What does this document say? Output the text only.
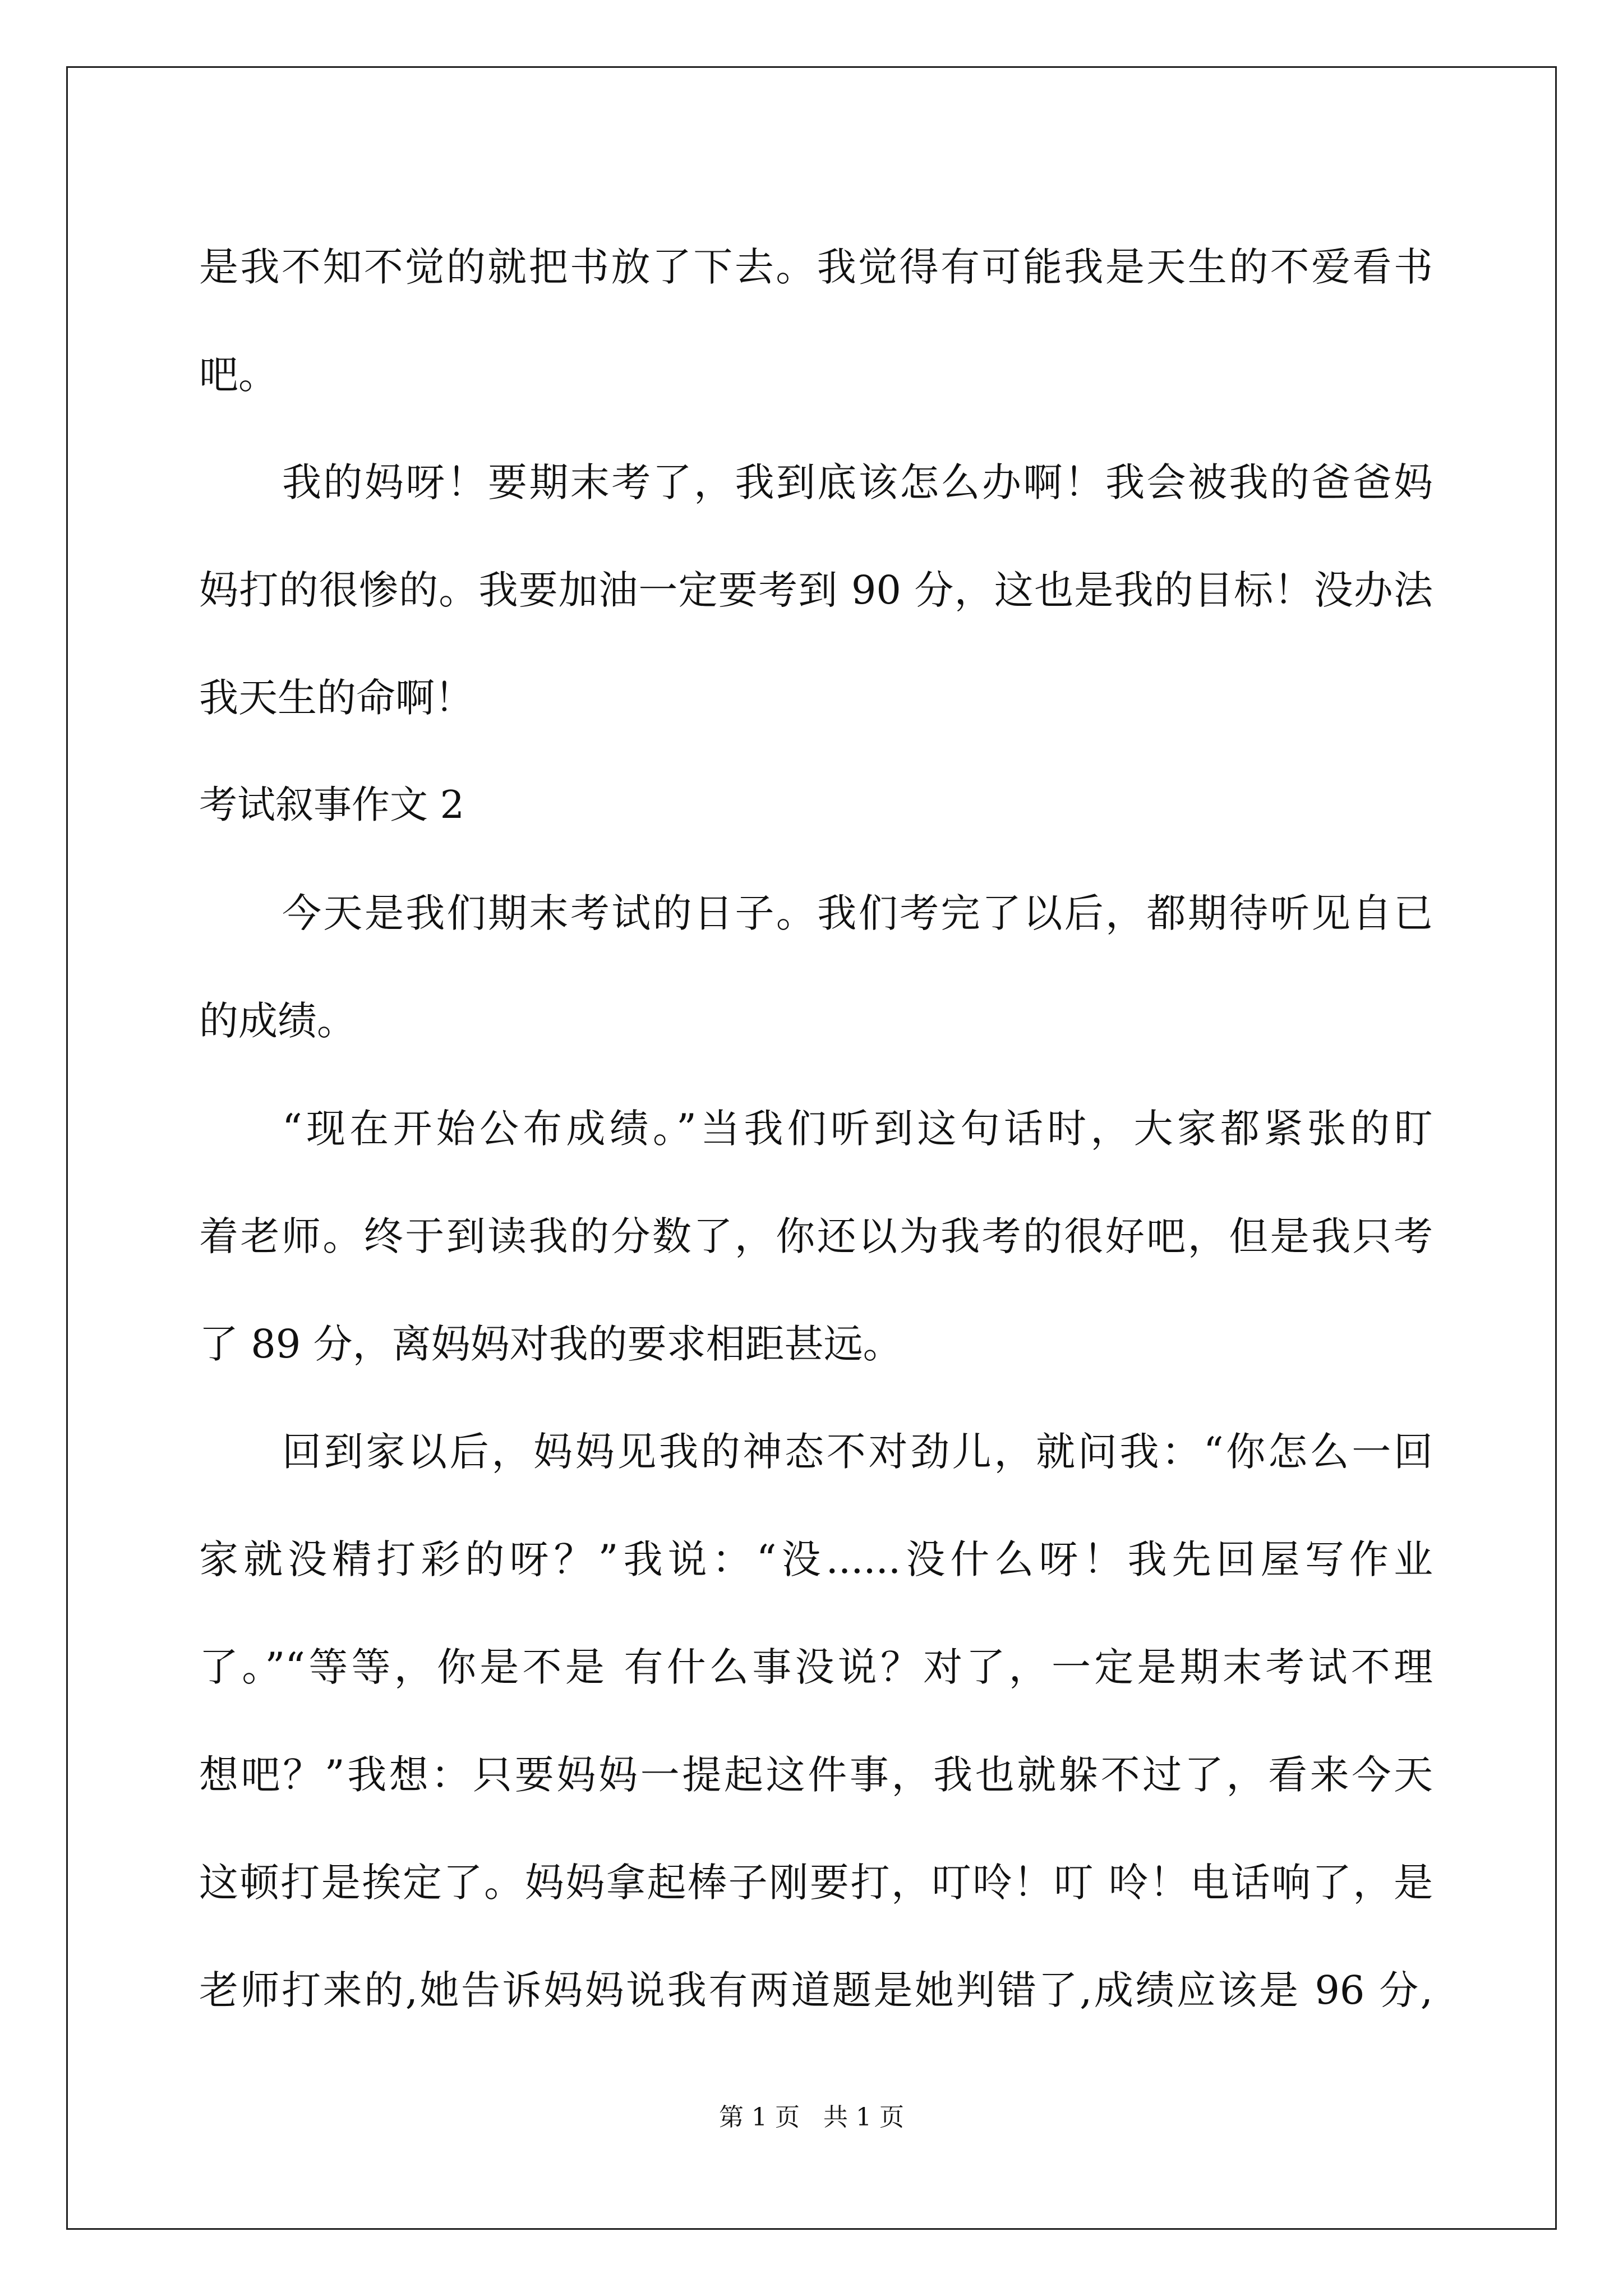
是我不知不觉的就把书放了下去。我觉得有可能我是天生的不爱看书
吧。
我的妈呀！要期末考了，我到底该怎么办啊！我会被我的爸爸妈
妈打的很惨的。我要加油一定要考到 90 分，这也是我的目标！没办法
我天生的命啊！
考试叙事作文 2
今天是我们期末考试的日子。我们考完了以后，都期待听见自已
的成绩。
“现在开始公布成绩。”当我们听到这句话时，大家都紧张的盯
着老师。终于到读我的分数了，你还以为我考的很好吧，但是我只考
了 89 分，离妈妈对我的要求相距甚远。
回到家以后，妈妈见我的神态不对劲儿，就问我：“你怎么一回
家就没精打彩的呀？”我说：“没......没什么呀！我先回屋写作业
了。”“等等，你是不是 有什么事没说？对了，一定是期末考试不理
想吧？”我想：只要妈妈一提起这件事，我也就躲不过了，看来今天
这顿打是挨定了。妈妈拿起棒子刚要打，叮呤！叮 呤！电话响了，是
老师打来的,她告诉妈妈说我有两道题是她判错了,成绩应该是 96 分,
第 1 页   共 1 页
